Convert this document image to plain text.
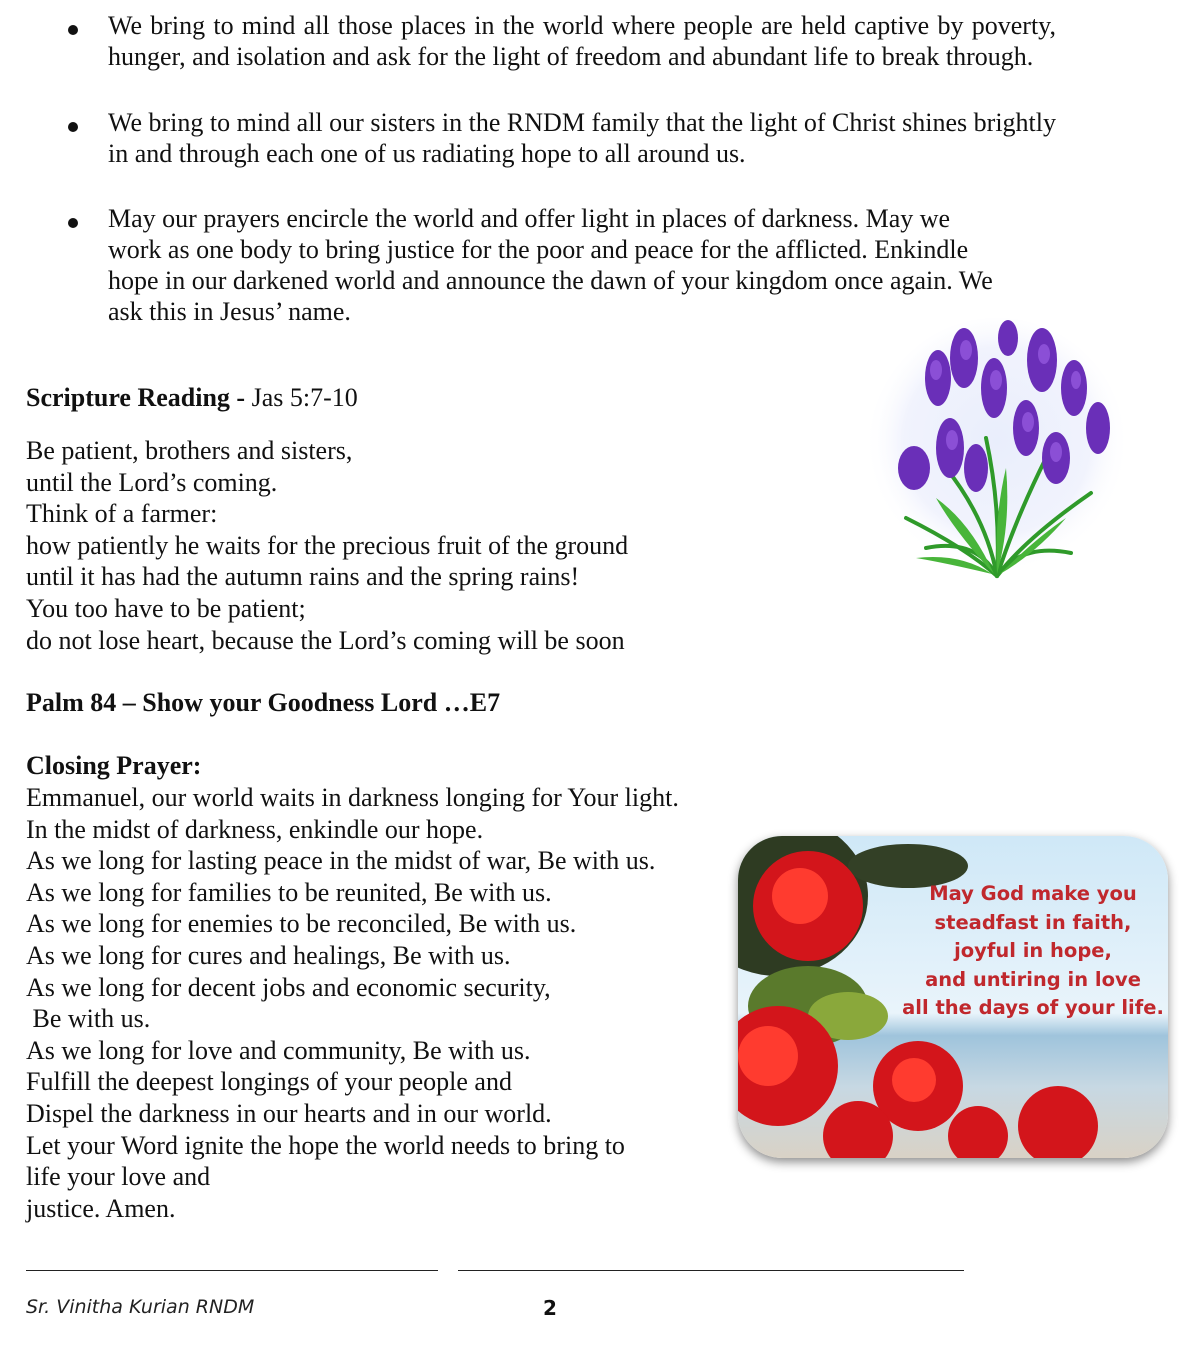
We bring to mind all those places in the world where people are held captive by poverty, hunger, and isolation and ask for the light of freedom and abundant life to break through.
We bring to mind all our sisters in the RNDM family that the light of Christ shines brightly in and through each one of us radiating hope to all around us.
May our prayers encircle the world and offer light in places of darkness. May we
work as one body to bring justice for the poor and peace for the afflicted. Enkindle
hope in our darkened world and announce the dawn of your kingdom once again. We
ask this in Jesus’ name.
Scripture Reading - Jas 5:7-10
Be patient, brothers and sisters,
until the Lord’s coming.
Think of a farmer:
how patiently he waits for the precious fruit of the ground
until it has had the autumn rains and the spring rains!
You too have to be patient;
do not lose heart, because the Lord’s coming will be soon
Palm 84 – Show your Goodness Lord …E7
Closing Prayer:
Emmanuel, our world waits in darkness longing for Your light.
In the midst of darkness, enkindle our hope.
As we long for lasting peace in the midst of war, Be with us.
As we long for families to be reunited, Be with us.
As we long for enemies to be reconciled, Be with us.
As we long for cures and healings, Be with us.
As we long for decent jobs and economic security,
Be with us.
As we long for love and community, Be with us.
Fulfill the deepest longings of your people and
Dispel the darkness in our hearts and in our world.
Let your Word ignite the hope the world needs to bring to
life your love and
justice. Amen.
May God make you
steadfast in faith,
joyful in hope,
and untiring in love
all the days of your life.
Sr. Vinitha Kurian RNDM	2
